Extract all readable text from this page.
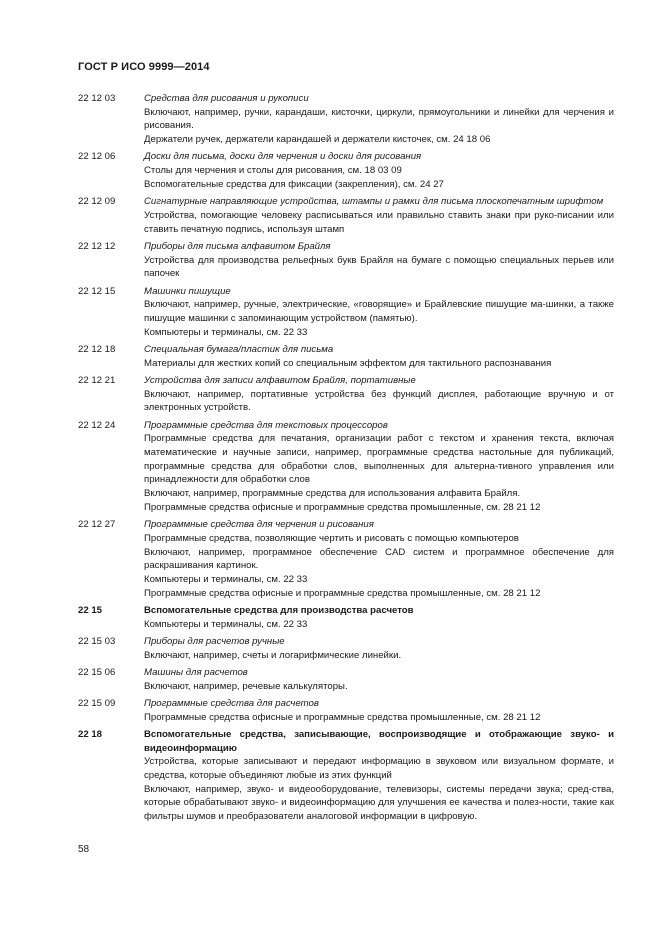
ГОСТ Р ИСО 9999—2014
22 12 03	Средства для рисования и рукописи
Включают, например, ручки, карандаши, кисточки, циркули, прямоугольники и линейки для черчения и рисования.
Держатели ручек, держатели карандашей и держатели кисточек, см. 24 18 06
22 12 06	Доски для письма, доски для черчения и доски для рисования
Столы для черчения и столы для рисования, см. 18 03 09
Вспомогательные средства для фиксации (закрепления), см. 24 27
22 12 09	Сигнатурные направляющие устройства, штампы и рамки для письма плоскопечатным шрифтом
Устройства, помогающие человеку расписываться или правильно ставить знаки при руко-писании или ставить печатную подпись, используя штамп
22 12 12	Приборы для письма алфавитом Брайля
Устройства для производства рельефных букв Брайля на бумаге с помощью специальных перьев или папочек
22 12 15	Машинки пишущие
Включают, например, ручные, электрические, «говорящие» и Брайлевские пишущие ма-шинки, а также пишущие машинки с запоминающим устройством (памятью).
Компьютеры и терминалы, см. 22 33
22 12 18	Специальная бумага/пластик для письма
Материалы для жестких копий со специальным эффектом для тактильного распознавания
22 12 21	Устройства для записи алфавитом Брайля, портативные
Включают, например, портативные устройства без функций дисплея, работающие вручную и от электронных устройств.
22 12 24	Программные средства для текстовых процессоров
Программные средства для печатания, организации работ с текстом и хранения текста, включая математические и научные записи, например, программные средства настольные для публикаций, программные средства для обработки слов, выполненных для альтерна-тивного управления или принадлежности для обработки слов
Включают, например, программные средства для использования алфавита Брайля.
Программные средства офисные и программные средства промышленные, см. 28 21 12
22 12 27	Программные средства для черчения и рисования
Программные средства, позволяющие чертить и рисовать с помощью компьютеров
Включают, например, программное обеспечение CAD систем и программное обеспечение для раскрашивания картинок.
Компьютеры и терминалы, см. 22 33
Программные средства офисные и программные средства промышленные, см. 28 21 12
22 15	Вспомогательные средства для производства расчетов
Компьютеры и терминалы, см. 22 33
22 15 03	Приборы для расчетов ручные
Включают, например, счеты и логарифмические линейки.
22 15 06	Машины для расчетов
Включают, например, речевые калькуляторы.
22 15 09	Программные средства для расчетов
Программные средства офисные и программные средства промышленные, см. 28 21 12
22 18	Вспомогательные средства, записывающие, воспроизводящие и отображающие звуко- и видеоинформацию
Устройства, которые записывают и передают информацию в звуковом или визуальном формате, и средства, которые объединяют любые из этих функций
Включают, например, звуко- и видеооборудование, телевизоры, системы передачи звука; сред-ства, которые обрабатывают звуко- и видеоинформацию для улучшения ее качества и полез-ности, такие как фильтры шумов и преобразователи аналоговой информации в цифровую.
58
